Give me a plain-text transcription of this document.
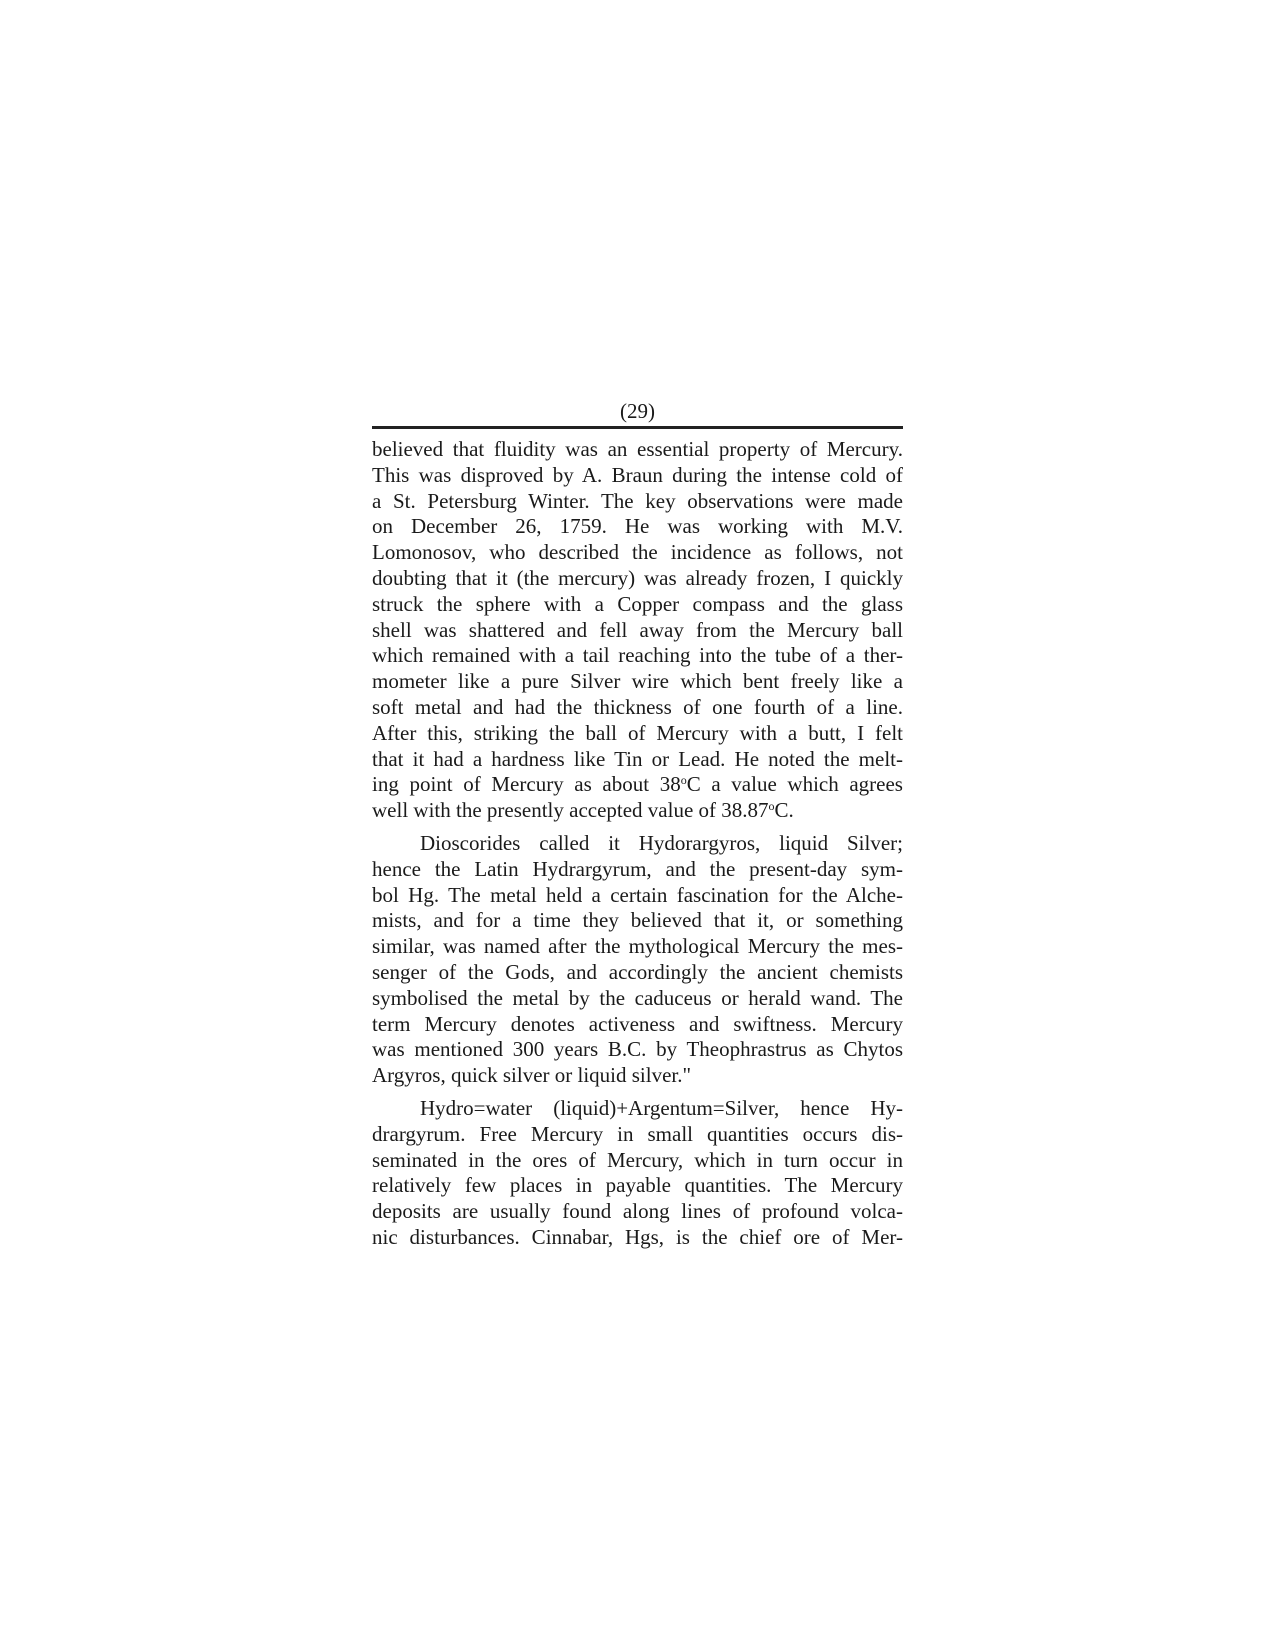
(29)

believed that fluidity was an essential property of Mercury.
This was disproved by A. Braun during the intense cold of
a St. Petersburg Winter. The key observations were made
on December 26, 1759. He was working with M.V.
Lomonosov, who described the incidence as follows, not
doubting that it (the mercury) was already frozen, I quickly
struck the sphere with a Copper compass and the glass
shell was shattered and fell away from the Mercury ball
which remained with a tail reaching into the tube of a ther-
mometer like a pure Silver wire which bent freely like a
soft metal and had the thickness of one fourth of a line.
After this, striking the ball of Mercury with a butt, I felt
that it had a hardness like Tin or Lead. He noted the melt-
ing point of Mercury as about 38$^o$C a value which agrees
well with the presently accepted value of 38.87$^o$C.

Dioscorides called it Hydorargyros, liquid Silver;
hence the Latin Hydrargyrum, and the present-day sym-
bol Hg. The metal held a certain fascination for the Alche-
mists, and for a time they believed that it, or something
similar, was named after the mythological Mercury the mes-
senger of the Gods, and accordingly the ancient chemists
symbolised the metal by the caduceus or herald wand. The
term Mercury denotes activeness and swiftness. Mercury
was mentioned 300 years B.C. by Theophrastrus as Chytos
Argyros, quick silver or liquid silver."

Hydro=water (liquid)+Argentum=Silver, hence Hy-
drargyrum. Free Mercury in small quantities occurs dis-
seminated in the ores of Mercury, which in turn occur in
relatively few places in payable quantities. The Mercury
deposits are usually found along lines of profound volca-
nic disturbances. Cinnabar, Hgs, is the chief ore of Mer-
